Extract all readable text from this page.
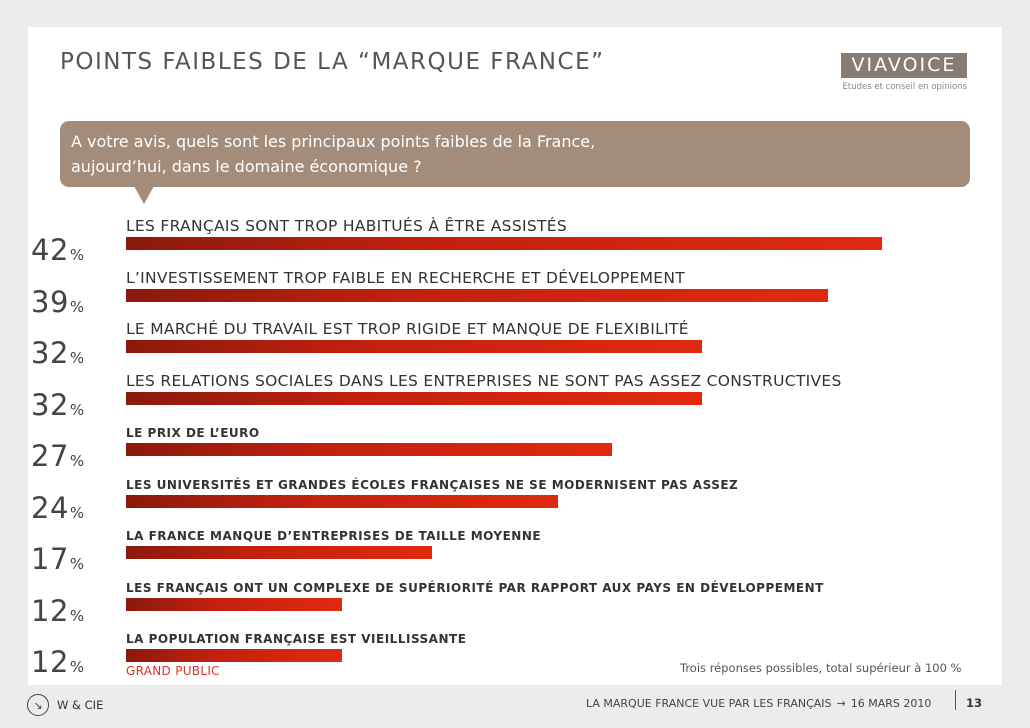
POINTS FAIBLES DE LA “MARQUE FRANCE”	VIAVOICE
Etudes et conseil en opinions
A votre avis, quels sont les principaux points faibles de la France,
aujourd’hui, dans le domaine économique ?
42%
LES FRANÇAIS SONT TROP HABITUÉS À ÊTRE ASSISTÉS
39%
L’INVESTISSEMENT TROP FAIBLE EN RECHERCHE ET DÉVELOPPEMENT
32%
LE MARCHÉ DU TRAVAIL EST TROP RIGIDE ET MANQUE DE FLEXIBILITÉ
32%
LES RELATIONS SOCIALES DANS LES ENTREPRISES NE SONT PAS ASSEZ CONSTRUCTIVES
27%
LE PRIX DE L’EURO
24%
LES UNIVERSITÉS ET GRANDES ÉCOLES FRANÇAISES NE SE MODERNISENT PAS ASSEZ
17%
LA FRANCE MANQUE D’ENTREPRISES DE TAILLE MOYENNE
12%
LES FRANÇAIS ONT UN COMPLEXE DE SUPÉRIORITÉ PAR RAPPORT AUX PAYS EN DÉVELOPPEMENT
12%
LA POPULATION FRANÇAISE EST VIEILLISSANTE
GRAND PUBLIC	Trois réponses possibles, total supérieur à 100 %
↘	W & CIE	LA MARQUE FRANCE VUE PAR LES FRANÇAIS → 16 MARS 2010	13
